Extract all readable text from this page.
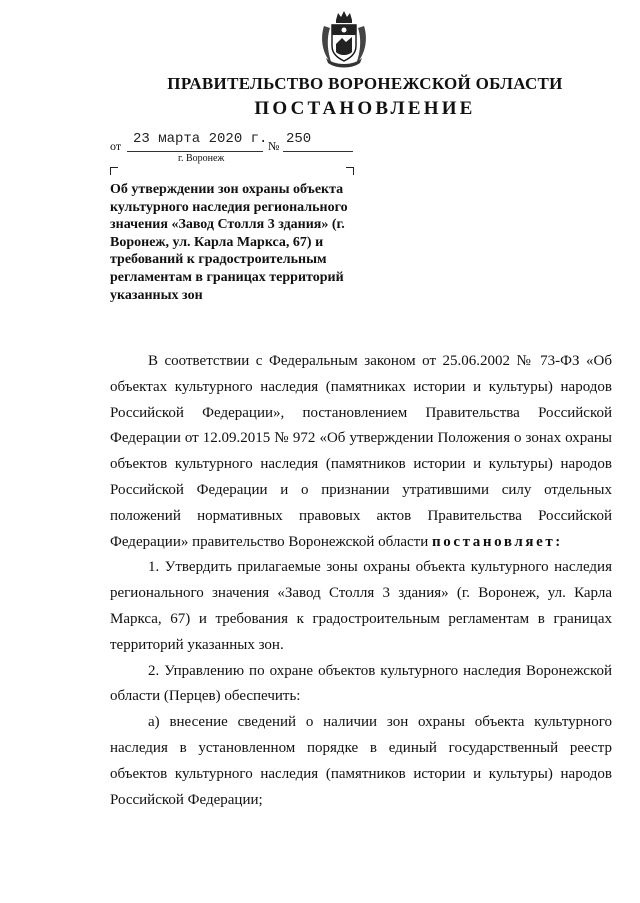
ПРАВИТЕЛЬСТВО ВОРОНЕЖСКОЙ ОБЛАСТИ
ПОСТАНОВЛЕНИЕ
от 23 марта 2020 г. № 250
г. Воронеж
Об утверждении зон охраны объекта культурного наследия регионального значения «Завод Столля 3 здания» (г. Воронеж, ул. Карла Маркса, 67) и требований к градостроительным регламентам в границах территорий указанных зон

В соответствии с Федеральным законом от 25.06.2002 № 73-ФЗ «Об объектах культурного наследия (памятниках истории и культуры) народов Российской Федерации», постановлением Правительства Российской Федерации от 12.09.2015 № 972 «Об утверждении Положения о зонах охраны объектов культурного наследия (памятников истории и культуры) народов Российской Федерации и о признании утратившими силу отдельных положений нормативных правовых актов Правительства Российской Федерации» правительство Воронежской области постановляет:

1. Утвердить прилагаемые зоны охраны объекта культурного наследия регионального значения «Завод Столля 3 здания» (г. Воронеж, ул. Карла Маркса, 67) и требования к градостроительным регламентам в границах территорий указанных зон.

2. Управлению по охране объектов культурного наследия Воронежской области (Перцев) обеспечить:

а) внесение сведений о наличии зон охраны объекта культурного наследия в установленном порядке в единый государственный реестр объектов культурного наследия (памятников истории и культуры) народов Российской Федерации;
